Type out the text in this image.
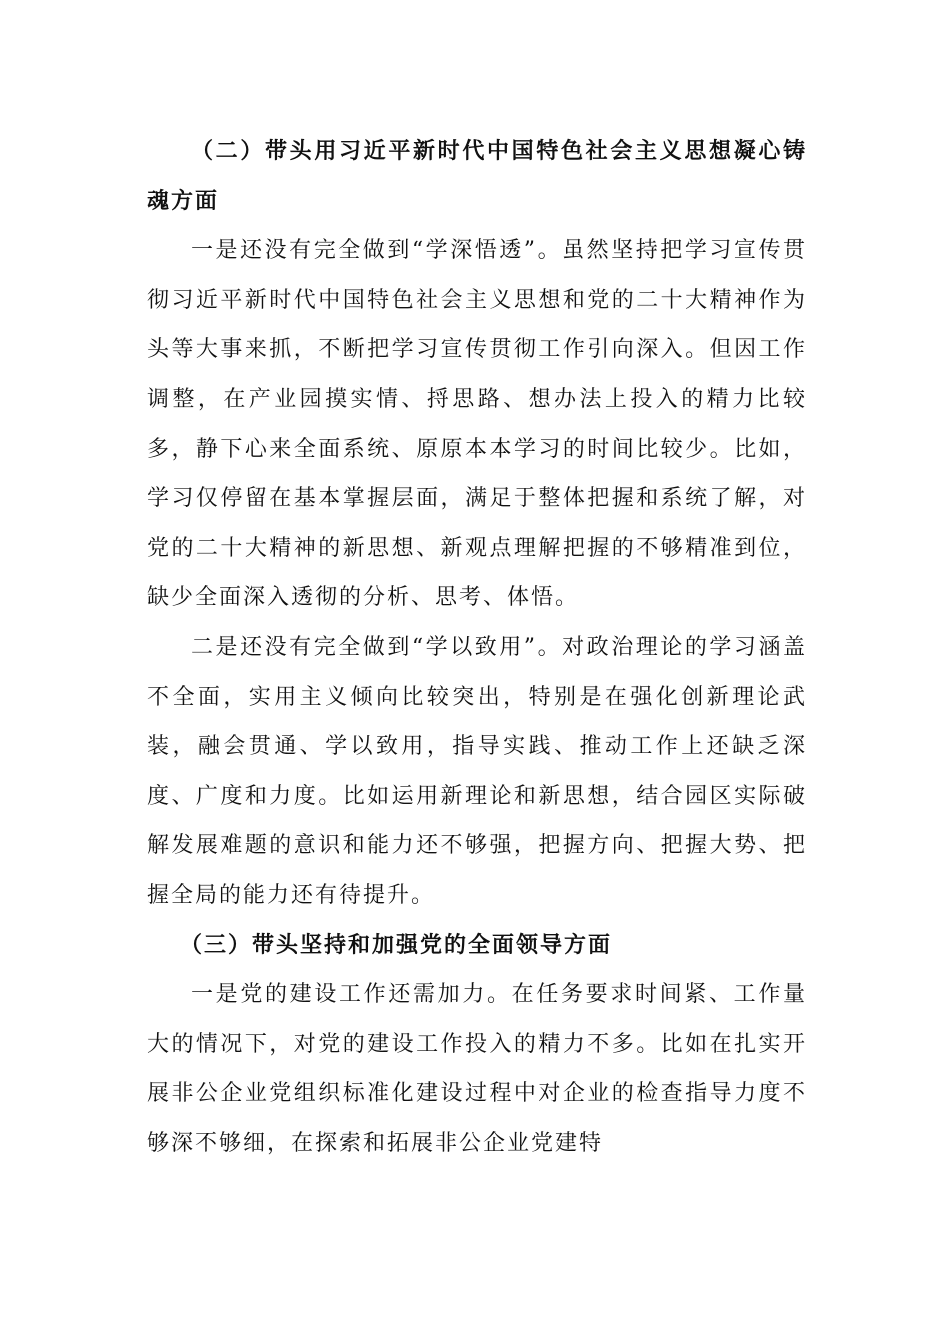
（二）带头用习近平新时代中国特色社会主义思想凝心铸魂方面

一是还没有完全做到“学深悟透”。虽然坚持把学习宣传贯彻习近平新时代中国特色社会主义思想和党的二十大精神作为头等大事来抓，不断把学习宣传贯彻工作引向深入。但因工作调整，在产业园摸实情、捋思路、想办法上投入的精力比较多，静下心来全面系统、原原本本学习的时间比较少。比如，学习仅停留在基本掌握层面，满足于整体把握和系统了解，对党的二十大精神的新思想、新观点理解把握的不够精准到位，缺少全面深入透彻的分析、思考、体悟。

二是还没有完全做到“学以致用”。对政治理论的学习涵盖不全面，实用主义倾向比较突出，特别是在强化创新理论武装，融会贯通、学以致用，指导实践、推动工作上还缺乏深度、广度和力度。比如运用新理论和新思想，结合园区实际破解发展难题的意识和能力还不够强，把握方向、把握大势、把握全局的能力还有待提升。

（三）带头坚持和加强党的全面领导方面

一是党的建设工作还需加力。在任务要求时间紧、工作量大的情况下，对党的建设工作投入的精力不多。比如在扎实开展非公企业党组织标准化建设过程中对企业的检查指导力度不够深不够细，在探索和拓展非公企业党建特
